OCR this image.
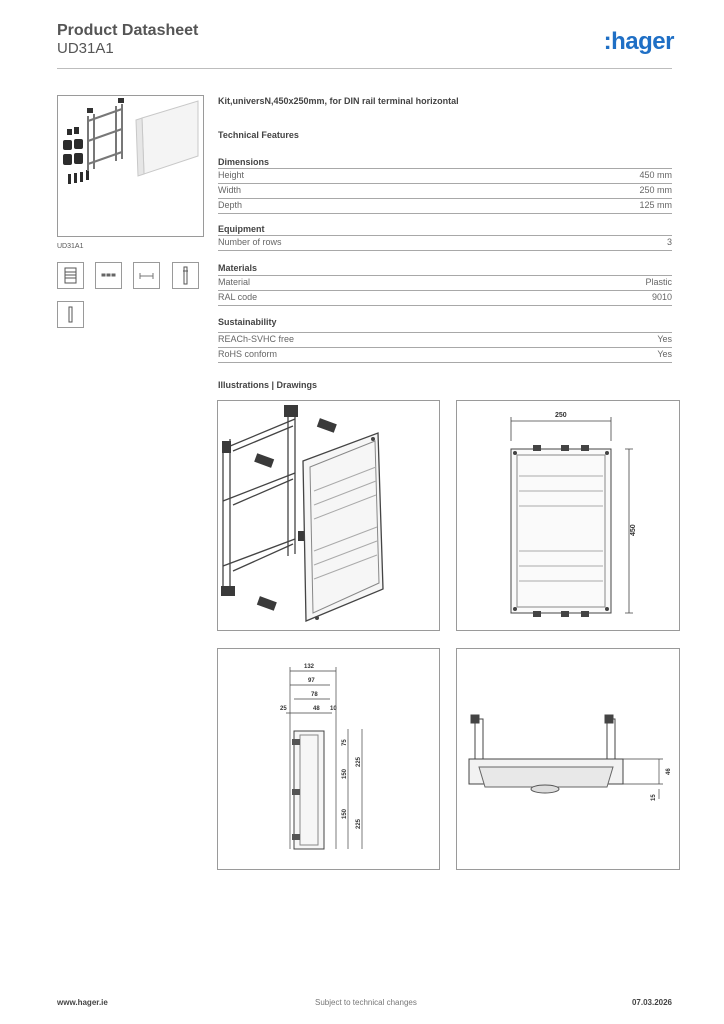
Product Datasheet
UD31A1	:hager
UD31A1
Kit,universN,450x250mm, for DIN rail terminal horizontal
Technical Features
Dimensions
Height	450 mm
Width	250 mm
Depth	125 mm
Equipment
Number of rows	3
Materials
Material	Plastic
RAL code	9010
Sustainability
REACh-SVHC free	Yes
RoHS conform	Yes
Illustrations | Drawings
250
450
132
97
78
25	48 10
75
150
225
150
225
46
15
www.hager.ie	Subject to technical changes	07.03.2026
